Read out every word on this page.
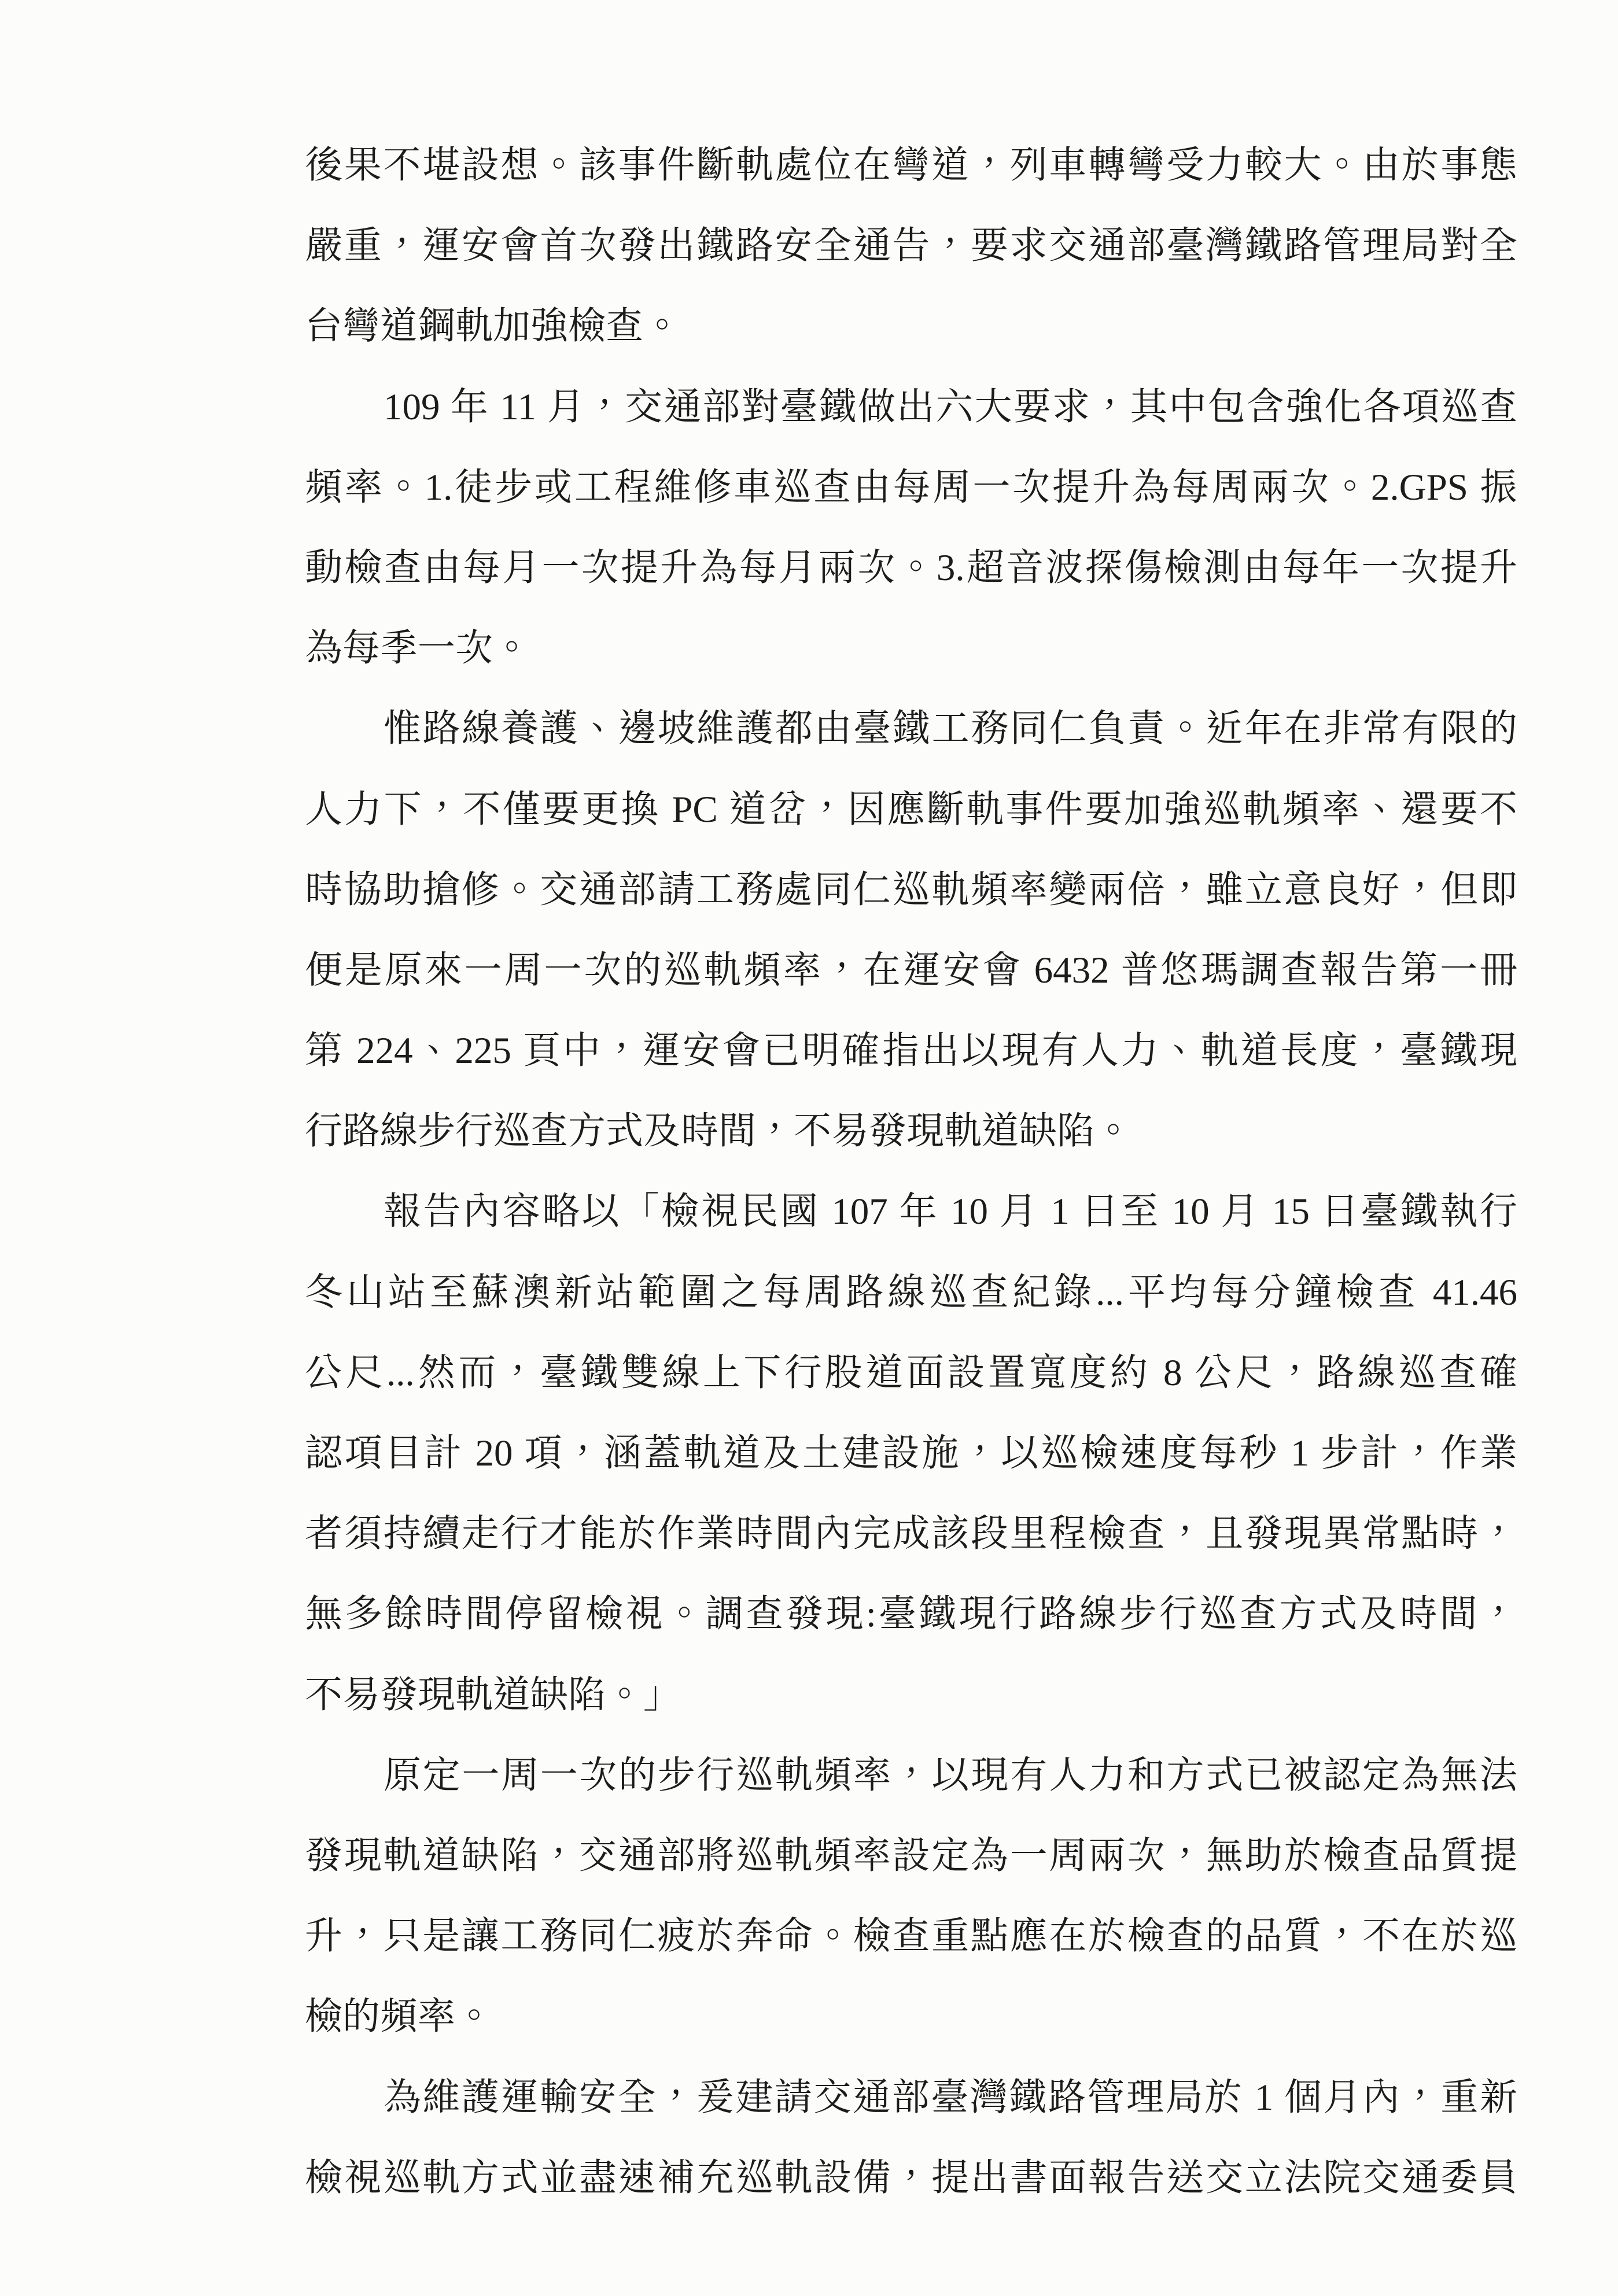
後果不堪設想。該事件斷軌處位在彎道，列車轉彎受力較大。由於事態
嚴重，運安會首次發出鐵路安全通告，要求交通部臺灣鐵路管理局對全
台彎道鋼軌加強檢查。
109 年 11 月，交通部對臺鐵做出六大要求，其中包含強化各項巡查
頻率。1.徒步或工程維修車巡查由每周一次提升為每周兩次。2.GPS 振
動檢查由每月一次提升為每月兩次。3.超音波探傷檢測由每年一次提升
為每季一次。
惟路線養護、邊坡維護都由臺鐵工務同仁負責。近年在非常有限的
人力下，不僅要更換 PC 道岔，因應斷軌事件要加強巡軌頻率、還要不
時協助搶修。交通部請工務處同仁巡軌頻率變兩倍，雖立意良好，但即
便是原來一周一次的巡軌頻率，在運安會 6432 普悠瑪調查報告第一冊
第 224、225 頁中，運安會已明確指出以現有人力、軌道長度，臺鐵現
行路線步行巡查方式及時間，不易發現軌道缺陷。
報告內容略以「檢視民國 107 年 10 月 1 日至 10 月 15 日臺鐵執行
冬山站至蘇澳新站範圍之每周路線巡查紀錄...平均每分鐘檢查 41.46
公尺...然而，臺鐵雙線上下行股道面設置寬度約 8 公尺，路線巡查確
認項目計 20 項，涵蓋軌道及土建設施，以巡檢速度每秒 1 步計，作業
者須持續走行才能於作業時間內完成該段里程檢查，且發現異常點時，
無多餘時間停留檢視。調查發現:臺鐵現行路線步行巡查方式及時間，
不易發現軌道缺陷。」
原定一周一次的步行巡軌頻率，以現有人力和方式已被認定為無法
發現軌道缺陷，交通部將巡軌頻率設定為一周兩次，無助於檢查品質提
升，只是讓工務同仁疲於奔命。檢查重點應在於檢查的品質，不在於巡
檢的頻率。
為維護運輸安全，爰建請交通部臺灣鐵路管理局於 1 個月內，重新
檢視巡軌方式並盡速補充巡軌設備，提出書面報告送交立法院交通委員
